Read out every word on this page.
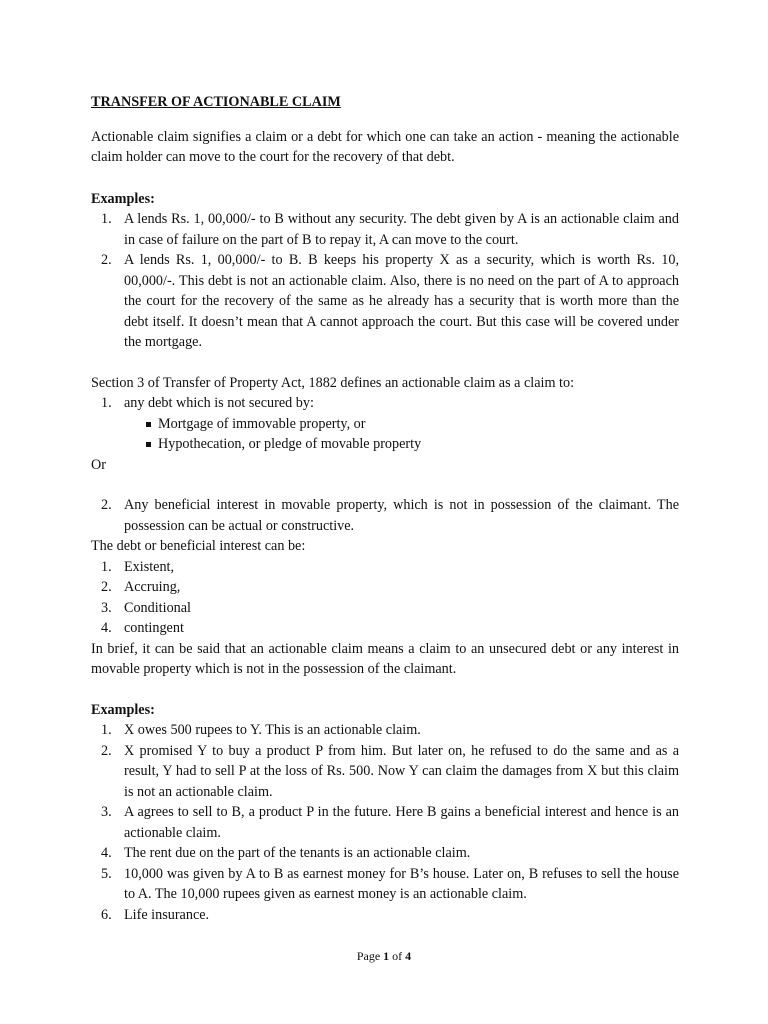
TRANSFER OF ACTIONABLE CLAIM

Actionable claim signifies a claim or a debt for which one can take an action - meaning the actionable claim holder can move to the court for the recovery of that debt.

Examples:
1. A lends Rs. 1, 00,000/- to B without any security. The debt given by A is an actionable claim and in case of failure on the part of B to repay it, A can move to the court.
2. A lends Rs. 1, 00,000/- to B. B keeps his property X as a security, which is worth Rs. 10, 00,000/-. This debt is not an actionable claim. Also, there is no need on the part of A to approach the court for the recovery of the same as he already has a security that is worth more than the debt itself. It doesn’t mean that A cannot approach the court. But this case will be covered under the mortgage.

Section 3 of Transfer of Property Act, 1882 defines an actionable claim as a claim to:

1. any debt which is not secured by:
Mortgage of immovable property, or
Hypothecation, or pledge of movable property

Or

2. Any beneficial interest in movable property, which is not in possession of the claimant. The possession can be actual or constructive.

The debt or beneficial interest can be:

1. Existent,
2. Accruing,
3. Conditional
4. contingent

In brief, it can be said that an actionable claim means a claim to an unsecured debt or any interest in movable property which is not in the possession of the claimant.

Examples:
1. X owes 500 rupees to Y. This is an actionable claim.
2. X promised Y to buy a product P from him. But later on, he refused to do the same and as a result, Y had to sell P at the loss of Rs. 500. Now Y can claim the damages from X but this claim is not an actionable claim.
3. A agrees to sell to B, a product P in the future. Here B gains a beneficial interest and hence is an actionable claim.
4. The rent due on the part of the tenants is an actionable claim.
5. 10,000 was given by A to B as earnest money for B’s house. Later on, B refuses to sell the house to A. The 10,000 rupees given as earnest money is an actionable claim.
6. Life insurance.
Page 1 of 4
